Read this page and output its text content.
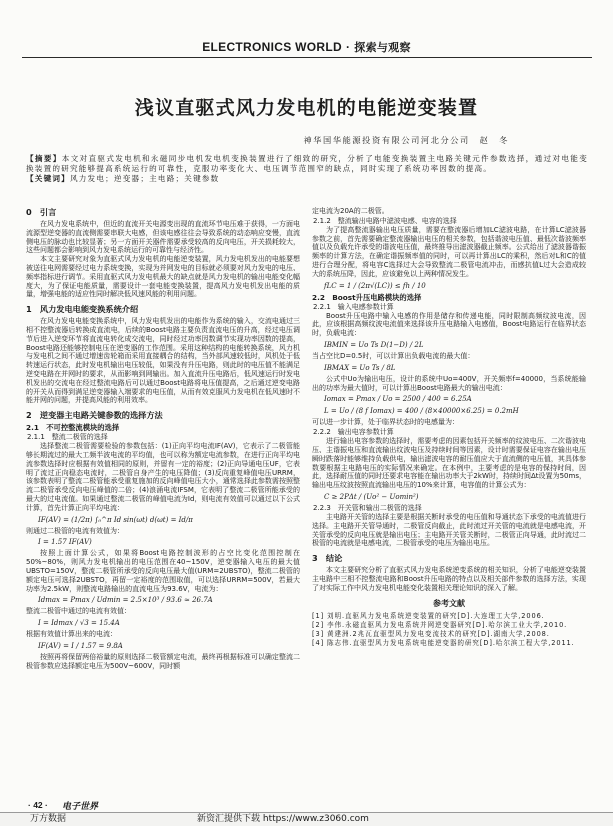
ELECTRONICS WORLD · 探索与观察
浅议直驱式风力发电机的电能逆变装置
神华国华能源投资有限公司河北分公司　赵　冬

【摘要】本文对直驱式发电机和永磁同步电机发电机变换装置进行了细致的研究，分析了电能变换装置主电路关键元件参数选择，通过对电能变换装置的研究能够提高系统运行的可靠性，克服功率变化大、电压调节范围窄的缺点，同时实现了系统功率因数的提高。

【关键词】风力发电；逆变器；主电路；关键参数

0　引言

在风力发电系统中，但近的直流开关电源变出现的直流环节电压难于获得，一方面电流源型逆变器的直流侧需要串联大电感，但该电感往往会导致系统的动态响应变慢，直流侧电压的脉动也比较显著；另一方面开关器件需要承受较高的反向电压，开关损耗较大，这些问题都会影响到风力发电系统运行的可靠性与经济性。

本文主要研究对象为直驱式风力发电机的电能逆变装置，风力发电机发出的电能要想被送往电网需要经过电力系统变换，实现为并网发电的目标就必须要对风力发电的电压、频率指标进行调节。采用直驱式风力发电机最大的缺点就是风力发电机的输出电能变化幅度大，为了保证电能质量，需要设计一套电能变换装置，提高风力发电机发出电能的质量，增强电能的适应性同时解决低风速风能的利用问题。

1　风力发电电能变换系统介绍

在风力发电电能变换系统中，风力发电机发出的电能作为系统的输入，交流电通过三相不控整流器后转换成直流电，后续的Boost电路主要负责直流电压的升高，经过电压调节后进入逆变环节将直流电转化成交流电，同时经过功率因数调节实现功率因数的提高，Boost电路还能够控制电压在逆变器的工作范围。采用这种结构的电能转换系统，风力机与发电机之间不通过增速齿轮箱而采用直接耦合的结构，当外部风速较低时，风机处于低转速运行状态，此时发电机输出电压较低，如果没有升压电路，则此时的电压值不能满足逆变电路在并网时的要求，从而影响到网输出。加入直流升压电路后，低风速运行时发电机发出的交流电在经过整流电路后可以通过Boost电路将电压值提高，之后通过逆变电路的开关从而得到满足逆变器输入端要求的电压值，从而有效克服风力发电机在低风速时不能并网的问题，并提高风能的利用效率。

2　逆变器主电路关键参数的选择方法
2.1　不可控整流模块的选择
2.1.1　整流二极管的选择

选择整流二极管需要检验的参数包括：(1)正向平均电流IF(AV)，它表示了二极管能够长期流过的最大工频半波电流的平均值，也可以称为额定电流参数，在进行正向平均电流参数选择时应根据有效值相同的原则，并留有一定的裕度；(2)正向导通电压UF，它表明了流过正向稳态电流时，二极管自身产生的电压降值；(3)反向重复峰值电压URRM，该参数表明了整流二极管能承受重复施加的反向峰值电压大小，通常选择此参数需按照整流二极管承受反向电压峰值的二倍；(4)浪涌电流IFSM，它表明了整流二极管所能承受的最大的过电流值。如果通过整流二极管的峰值电流为Id，则电流有效值可以通过以下公式计算，首先计算正向平均电流：

IF(AV) = (1/2π) ∫₀^π Id sin(ωt) d(ωt) = Id/π

则通过二极管的电流有效值为：

I = 1.57 IF(AV)

按照上面计算公式，如果将Boost电路控制波形的占空比变化范围控制在50%~80%，则风力发电机输出的电压范围在40~150V，逆变器输入电压的最大值UBSTO=150V，整流二极管所承受的反向电压最大值(URM=2UBSTO)，整流二极管的额定电压可选择2UBSTO，再留一定裕度的范围取值，可以选择URRM=500V，若最大功率为2.5kW，则整流电路输出的直流电压为93.6V，电流为：

Idmax = Pmax / Udmin = 2.5×10³ / 93.6 ≈ 26.7A

整流二极管中通过的电流有效值：

I = Idmax / √3 = 15.4A

根据有效值计算出来的电流：

IF(AV) = I / 1.57 = 9.8A

按照再将保留两倍裕量的原则选择二极管额定电流，最终再根据标准可以确定整流二极管参数应选择额定电压为500V~600V，同时额

定电流为20A的二极管。

2.1.2　整流输出电路中滤波电感、电容的选择

为了提高整流器输出电压质量，需要在整流器后增加LC滤波电路，在计算LC滤波器参数之前，首先需要确定整流器输出电压的相关参数，包括谐波电压值、最低次谐波频率值以及负载允许承受的谐波电压值，最终推导出滤波器截止频率。公式给出了滤波器谐振频率的计算方法，在确定谐振频率值的同时，可以再计算出LC的乘积，然后对L和C的值进行合理分配，将电容C选择过大会导致整流二极管电流冲击，而感抗值L过大会造成较大的系统压降，因此，应该避免以上两种情况发生。

fLC = 1 / (2π√(LC)) ≤ fh / 10
2.2　Boost升压电路模块的选择
2.2.1　输入电感参数计算

Boost升压电路中输入电感的作用是储存和传递电能，同时限制高频纹波电流，因此，应该根据高频纹波电流值来选择该升压电路输入电感值，Boost电路运行在临界状态时，负载电流：

IBMIN = Uo Ts D(1−D) / 2L

当占空比D=0.5时，可以计算出负载电流的最大值：

IBMAX = Uo Ts / 8L

公式中Uo为输出电压，设计的系统中Uo=400V，开关频率f=40000，当系统能输出的功率为最大值时，可以计算出Boost电路最大的输出电流：

Iomax = Pmax / Uo = 2500 / 400 = 6.25A
L = Uo / (8 f Iomax) = 400 / (8×40000×6.25) = 0.2mH

可以进一步计算，处于临界状态时的电感量为：

2.2.2　输出电容参数计算

进行输出电容参数的选择时，需要考虑的因素包括开关频率的纹波电压、二次谐波电压、主谐振电压和直流输出纹波电压及持续时间等因素，设计时需要保证电容在输出电压瞬时跌落时能够维持负载供电，输出滤波电容的耐压值应大于直流侧的电压值，其具体参数要根据主电路电压的实际情况来确定。在本例中，主要考虑的是电容的保持时间，因此，选择耐压值的同时还要求电容能在输出功率大于2kW时，持续时间Δt设置为50ms，输出电压纹波按照直流输出电压的10%来计算，电容值的计算公式为：

C ≥ 2PΔt / (Uo² − Uomin²)
2.2.3　开关管和输出二极管的选择

主电路开关管的选择主要是根据关断时承受的电压值和导通状态下承受的电流值进行选择。主电路开关管导通时，二极管反向截止，此时流过开关管的电流就是电感电流，开关管承受的反向电压就是输出电压；主电路开关管关断时，二极管正向导通，此时流过二极管的电流就是电感电流，二极管承受的电压为输出电压。

3　结论

本文主要研究分析了直驱式风力发电系统逆变系统的相关知识，分析了电能逆变装置主电路中三相不控整流电路和Boost升压电路的特点以及相关部件参数的选择方法，实现了对实际工作中风力发电机电能变化装置相关理论知识的深入了解。

参考文献
[1] 刘明.直驱风力发电系统逆变装置的研究[D].大连理工大学,2006.
[2] 李伟.永磁直驱风力发电系统并网逆变器研究[D].哈尔滨工业大学,2010.
[3] 黄建洲.2兆瓦直驱型风力发电变流技术的研究[D].湖南大学,2008.
[4] 陈志伟.直驱型风力发电系统电能逆变器的研究[D].哈尔滨工程大学,2011.
· 42 · 电子世界
万方数据	新资汇提供下载 https://www.z3060.com
